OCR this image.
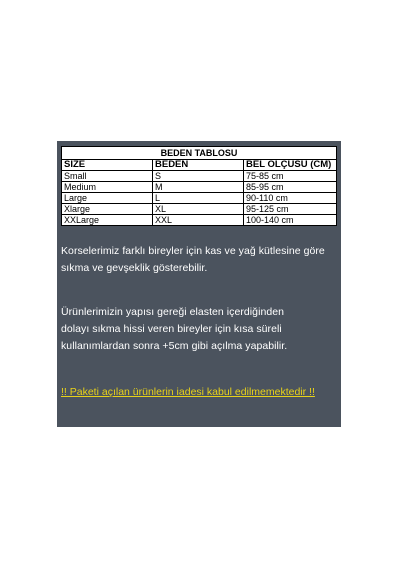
BEDEN TABLOSU		
SIZE	BEDEN	BEL ÖLÇÜSÜ (CM)
Small	S	75-85 cm
Medium	M	85-95 cm
Large	L	90-110 cm
Xlarge	XL	95-125 cm
XXLarge	XXL	100-140 cm
Korselerimiz farklı bireyler için kas ve yağ kütlesine göre
sıkma ve gevşeklik gösterebilir.
Ürünlerimizin yapısı gereği elasten içerdiğinden
dolayı sıkma hissi veren bireyler için kısa süreli
kullanımlardan sonra +5cm gibi açılma yapabilir.
!! Paketi açılan ürünlerin iadesi kabul edilmemektedir !!
